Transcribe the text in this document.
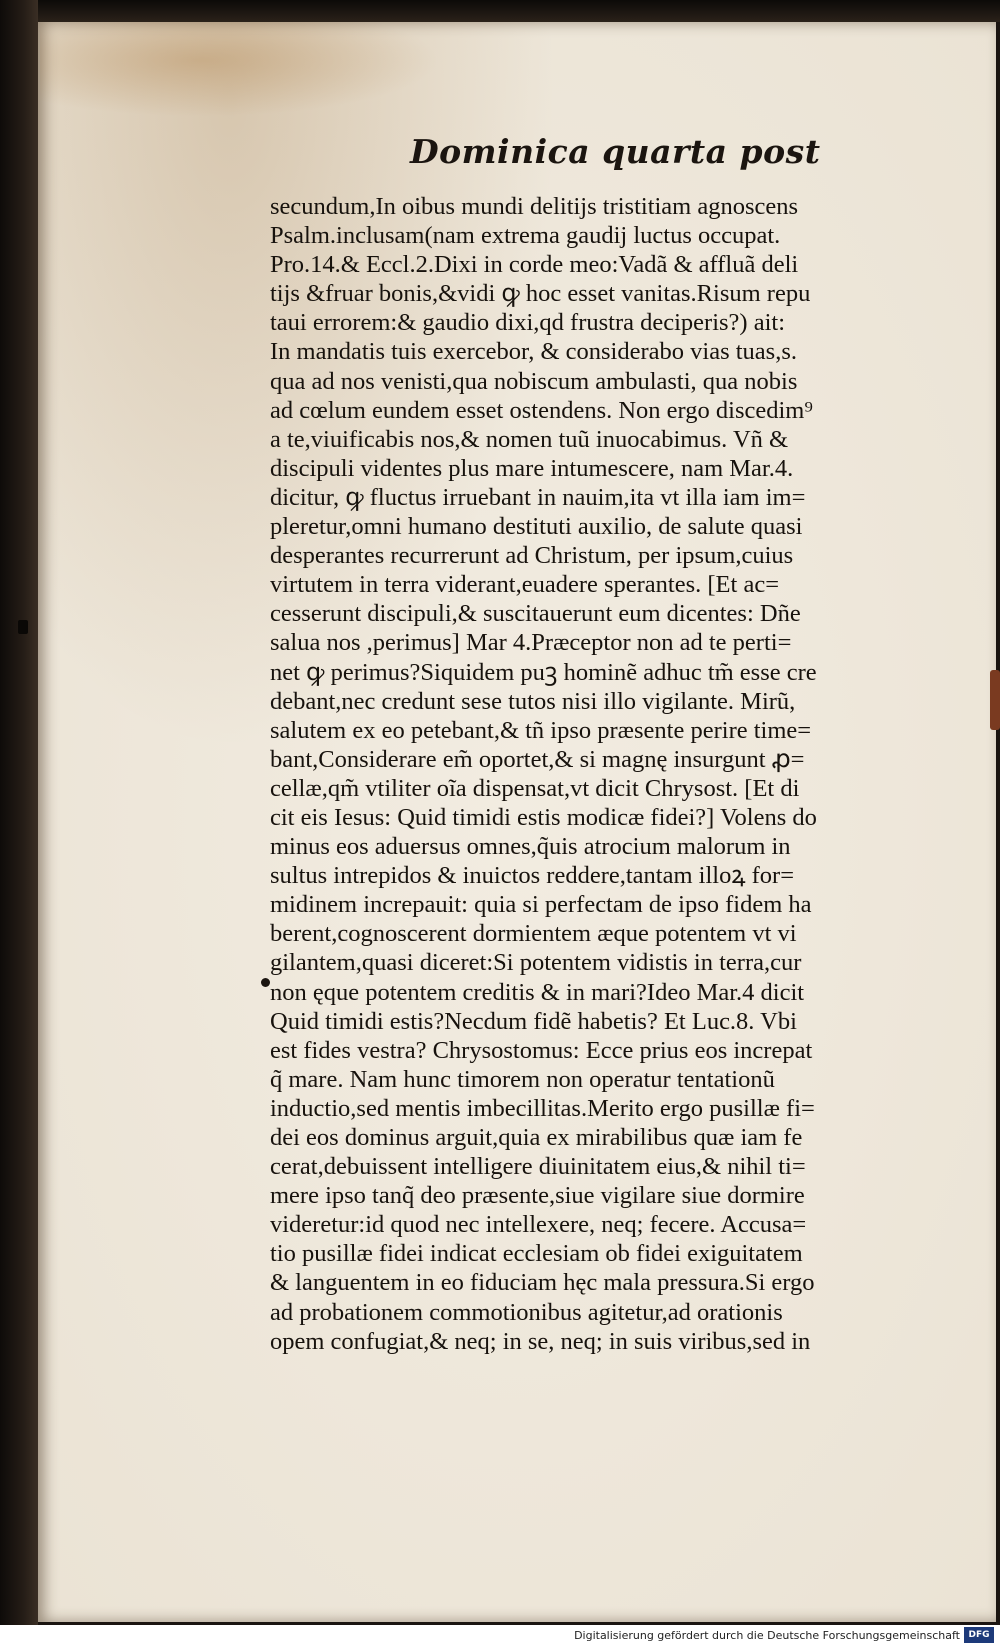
Dominica quarta post
secundum,In oibus mundi delitijs tristitiam agnoscens
Psalm.inclusam(nam extrema gaudij luctus occupat.
Pro.14.& Eccl.2.Dixi in corde meo:Vadã & affluã deli
tijs &fruar bonis,&vidi ꝙ hoc esset vanitas.Risum repu
taui errorem:& gaudio dixi,qd frustra deciperis?) ait:
In mandatis tuis exercebor, & considerabo vias tuas,s.
qua ad nos venisti,qua nobiscum ambulasti, qua nobis
ad cœlum eundem esset ostendens. Non ergo discedim⁹
a te,viuificabis nos,& nomen tuũ inuocabimus. Vñ &
discipuli videntes plus mare intumescere, nam Mar.4.
dicitur, ꝙ fluctus irruebant in nauim,ita vt illa iam im=
pleretur,omni humano destituti auxilio, de salute quasi
desperantes recurrerunt ad Christum, per ipsum,cuius
virtutem in terra viderant,euadere sperantes. [Et ac=
cesserunt discipuli,& suscitauerunt eum dicentes: Dñe
salua nos ,perimus] Mar 4.Præceptor non ad te perti=
net ꝙ perimus?Siquidem puꝫ hominẽ adhuc tm̃ esse cre
debant,nec credunt sese tutos nisi illo vigilante. Mirũ,
salutem ex eo petebant,& tñ ipso præsente perire time=
bant,Considerare em̃ oportet,& si magnę insurgunt ꝓ=
cellæ,qm̃ vtiliter oĩa dispensat,vt dicit Chrysost. [Et di
cit eis Iesus: Quid timidi estis modicæ fidei?] Volens do
minus eos aduersus omnes,q̃uis atrocium malorum in
sultus intrepidos & inuictos reddere,tantam illoꝝ for=
midinem increpauit: quia si perfectam de ipso fidem ha
berent,cognoscerent dormientem æque potentem vt vi
gilantem,quasi diceret:Si potentem vidistis in terra,cur
non ęque potentem creditis & in mari?Ideo Mar.4 dicit
Quid timidi estis?Necdum fidẽ habetis? Et Luc.8. Vbi
est fides vestra? Chrysostomus: Ecce prius eos increpat
q̃ mare. Nam hunc timorem non operatur tentationũ
inductio,sed mentis imbecillitas.Merito ergo pusillæ fi=
dei eos dominus arguit,quia ex mirabilibus quæ iam fe
cerat,debuissent intelligere diuinitatem eius,& nihil ti=
mere ipso tanq̃ deo præsente,siue vigilare siue dormire
videretur:id quod nec intellexere, neq; fecere. Accusa=
tio pusillæ fidei indicat ecclesiam ob fidei exiguitatem
& languentem in eo fiduciam hęc mala pressura.Si ergo
ad probationem commotionibus agitetur,ad orationis
opem confugiat,& neq; in se, neq; in suis viribus,sed in
Digitalisierung gefördert durch die Deutsche Forschungsgemeinschaft DFG
